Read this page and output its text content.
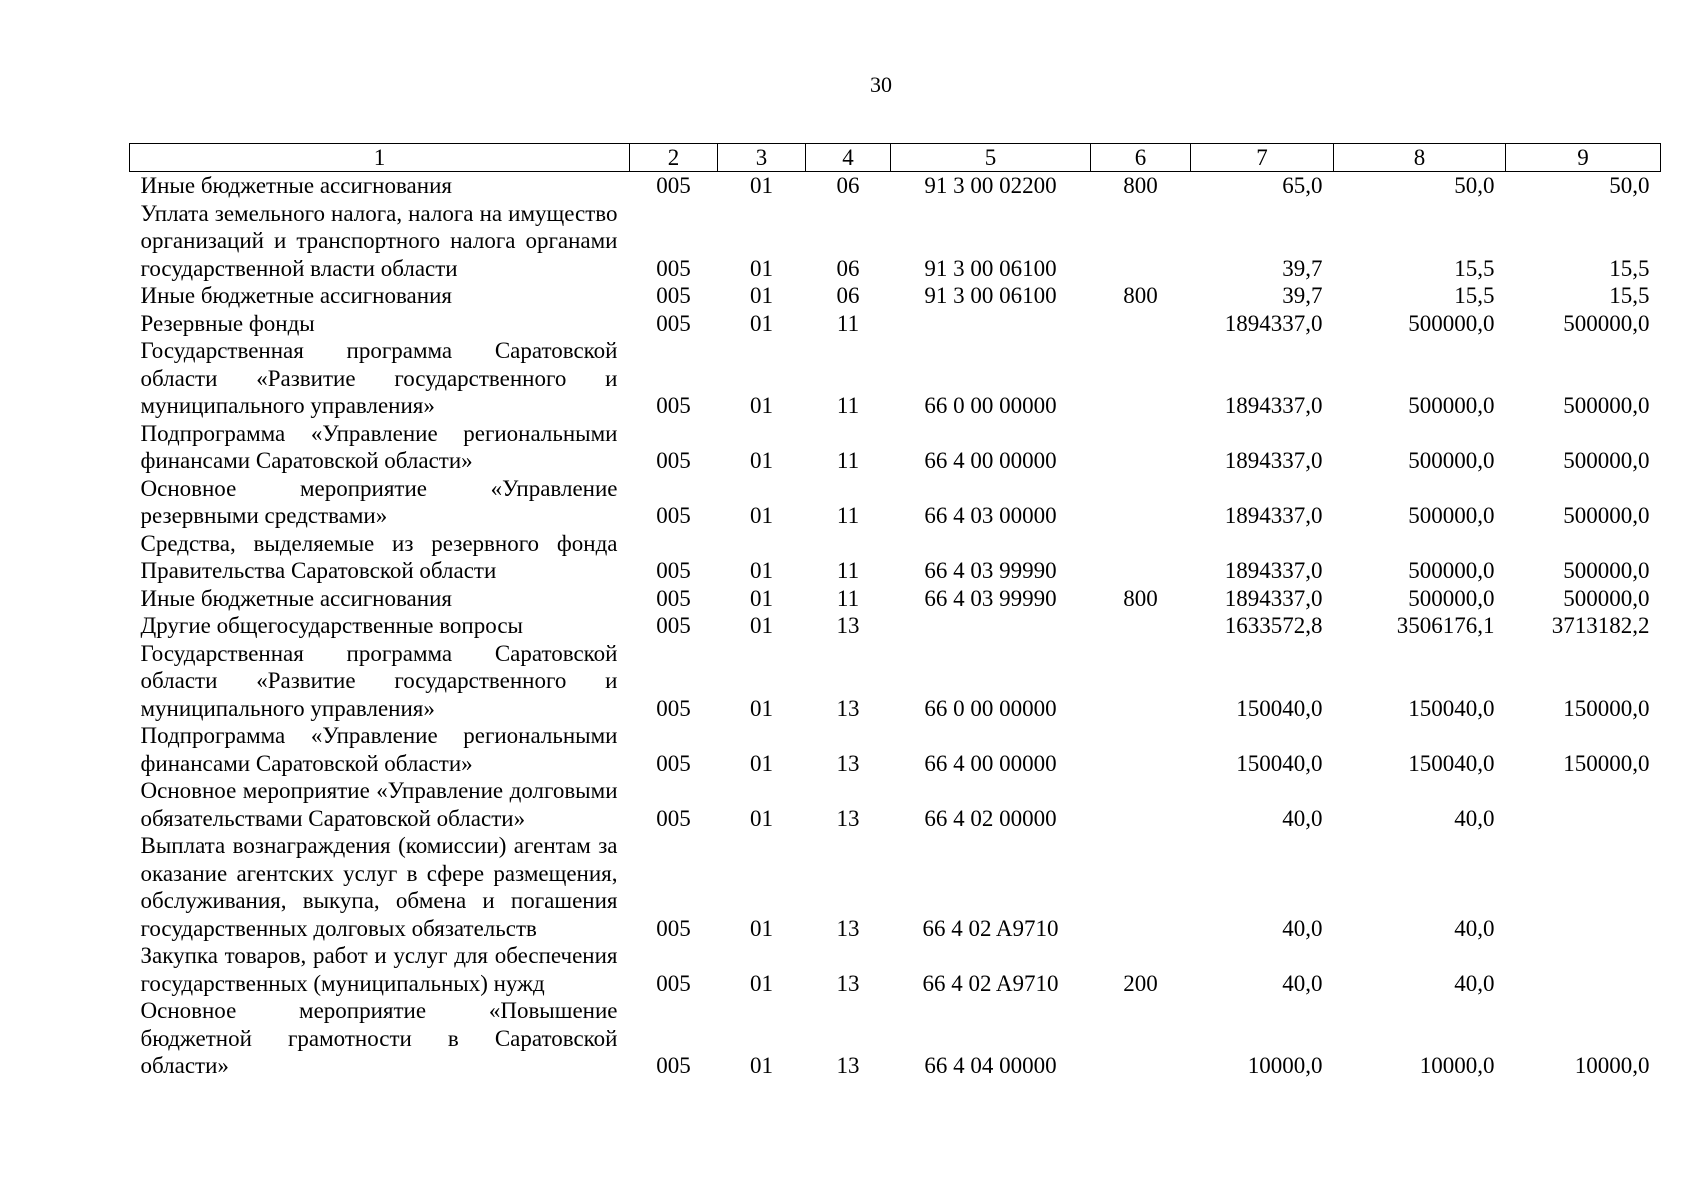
30
1	2	3	4	5	6	7	8	9
Иные бюджетные ассигнования	005	01	06	91 3 00 02200	800	65,0	50,0	50,0
Уплата земельного налога, налога на имущество организаций и транспортного налога органами государственной власти области	005	01	06	91 3 00 06100		39,7	15,5	15,5
Иные бюджетные ассигнования	005	01	06	91 3 00 06100	800	39,7	15,5	15,5
Резервные фонды	005	01	11			1894337,0	500000,0	500000,0
Государственная программа Саратовской области «Развитие государственного и муниципального управления»	005	01	11	66 0 00 00000		1894337,0	500000,0	500000,0
Подпрограмма «Управление региональными финансами Саратовской области»	005	01	11	66 4 00 00000		1894337,0	500000,0	500000,0
Основное мероприятие «Управление резервными средствами»	005	01	11	66 4 03 00000		1894337,0	500000,0	500000,0
Средства, выделяемые из резервного фонда Правительства Саратовской области	005	01	11	66 4 03 99990		1894337,0	500000,0	500000,0
Иные бюджетные ассигнования	005	01	11	66 4 03 99990	800	1894337,0	500000,0	500000,0
Другие общегосударственные вопросы	005	01	13			1633572,8	3506176,1	3713182,2
Государственная программа Саратовской области «Развитие государственного и муниципального управления»	005	01	13	66 0 00 00000		150040,0	150040,0	150000,0
Подпрограмма «Управление региональными финансами Саратовской области»	005	01	13	66 4 00 00000		150040,0	150040,0	150000,0
Основное мероприятие «Управление долговыми обязательствами Саратовской области»	005	01	13	66 4 02 00000		40,0	40,0	
Выплата вознаграждения (комиссии) агентам за оказание агентских услуг в сфере размещения, обслуживания, выкупа, обмена и погашения государственных долговых обязательств	005	01	13	66 4 02 A9710		40,0	40,0	
Закупка товаров, работ и услуг для обеспечения государственных (муниципальных) нужд	005	01	13	66 4 02 A9710	200	40,0	40,0	
Основное мероприятие «Повышение бюджетной грамотности в Саратовской области»	005	01	13	66 4 04 00000		10000,0	10000,0	10000,0
